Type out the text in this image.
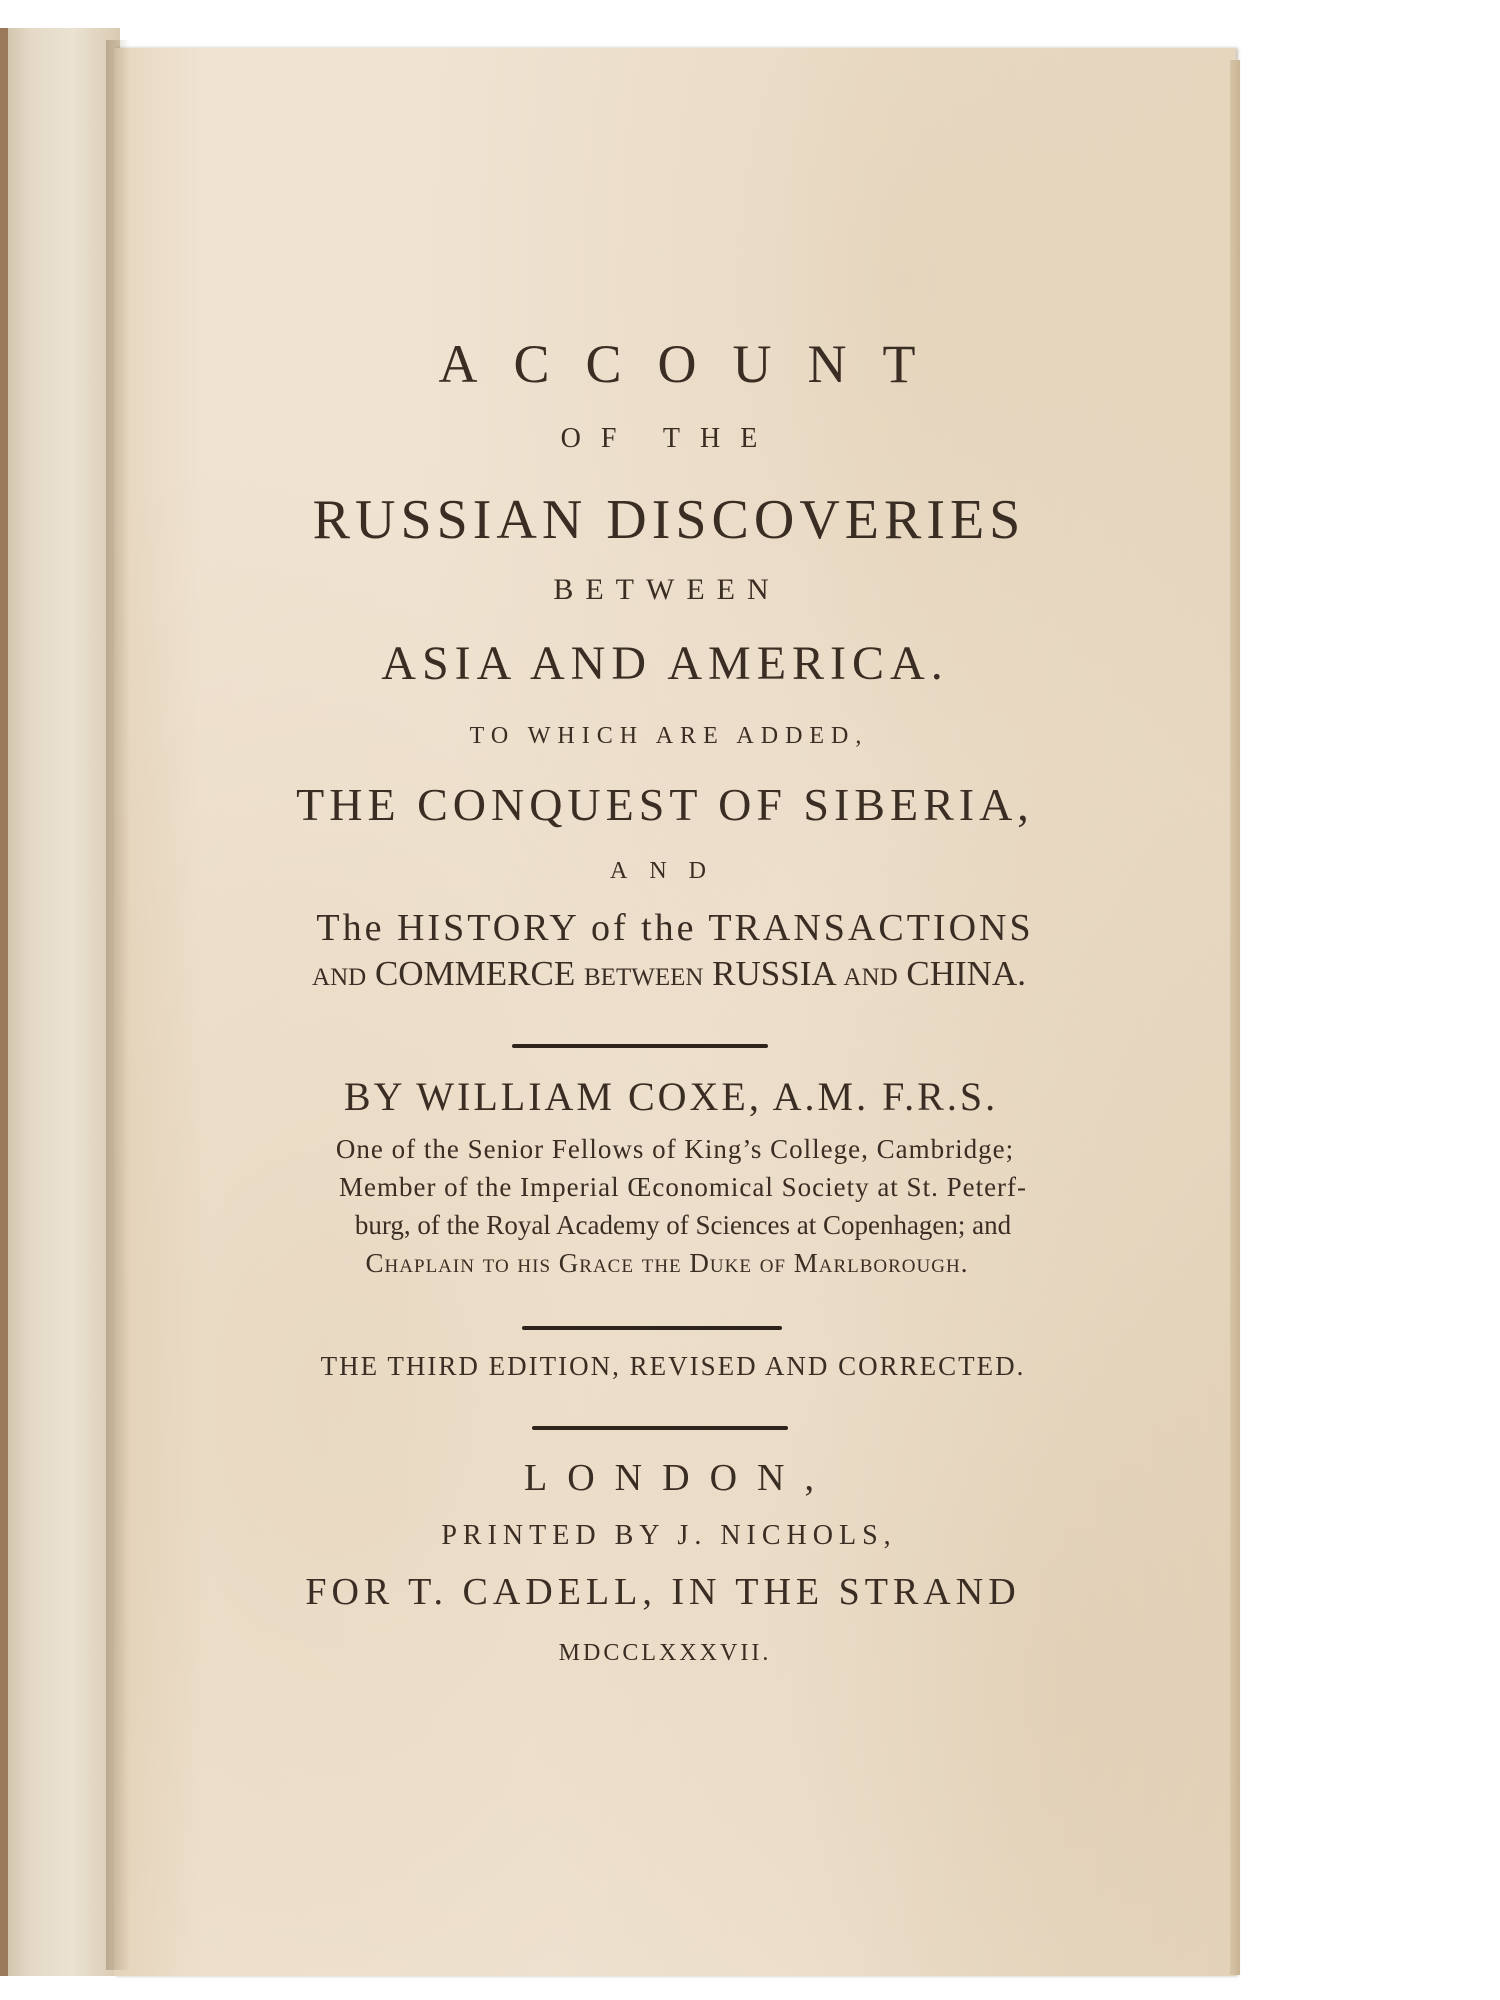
ACCOUNT
OF THE
RUSSIAN DISCOVERIES
BETWEEN
ASIA AND AMERICA.
TO WHICH ARE ADDED,
THE CONQUEST OF SIBERIA,
AND
The HISTORY of the TRANSACTIONS
and COMMERCE between RUSSIA and CHINA.
BY WILLIAM COXE, A.M. F.R.S.
One of the Senior Fellows of King’s College, Cambridge;
Member of the Imperial Œconomical Society at St. Peterf-
burg, of the Royal Academy of Sciences at Copenhagen; and
Chaplain to his Grace the Duke of Marlborough.
THE THIRD EDITION, REVISED AND CORRECTED.
LONDON,
PRINTED BY J. NICHOLS,
FOR T. CADELL, IN THE STRAND
MDCCLXXXVII.
